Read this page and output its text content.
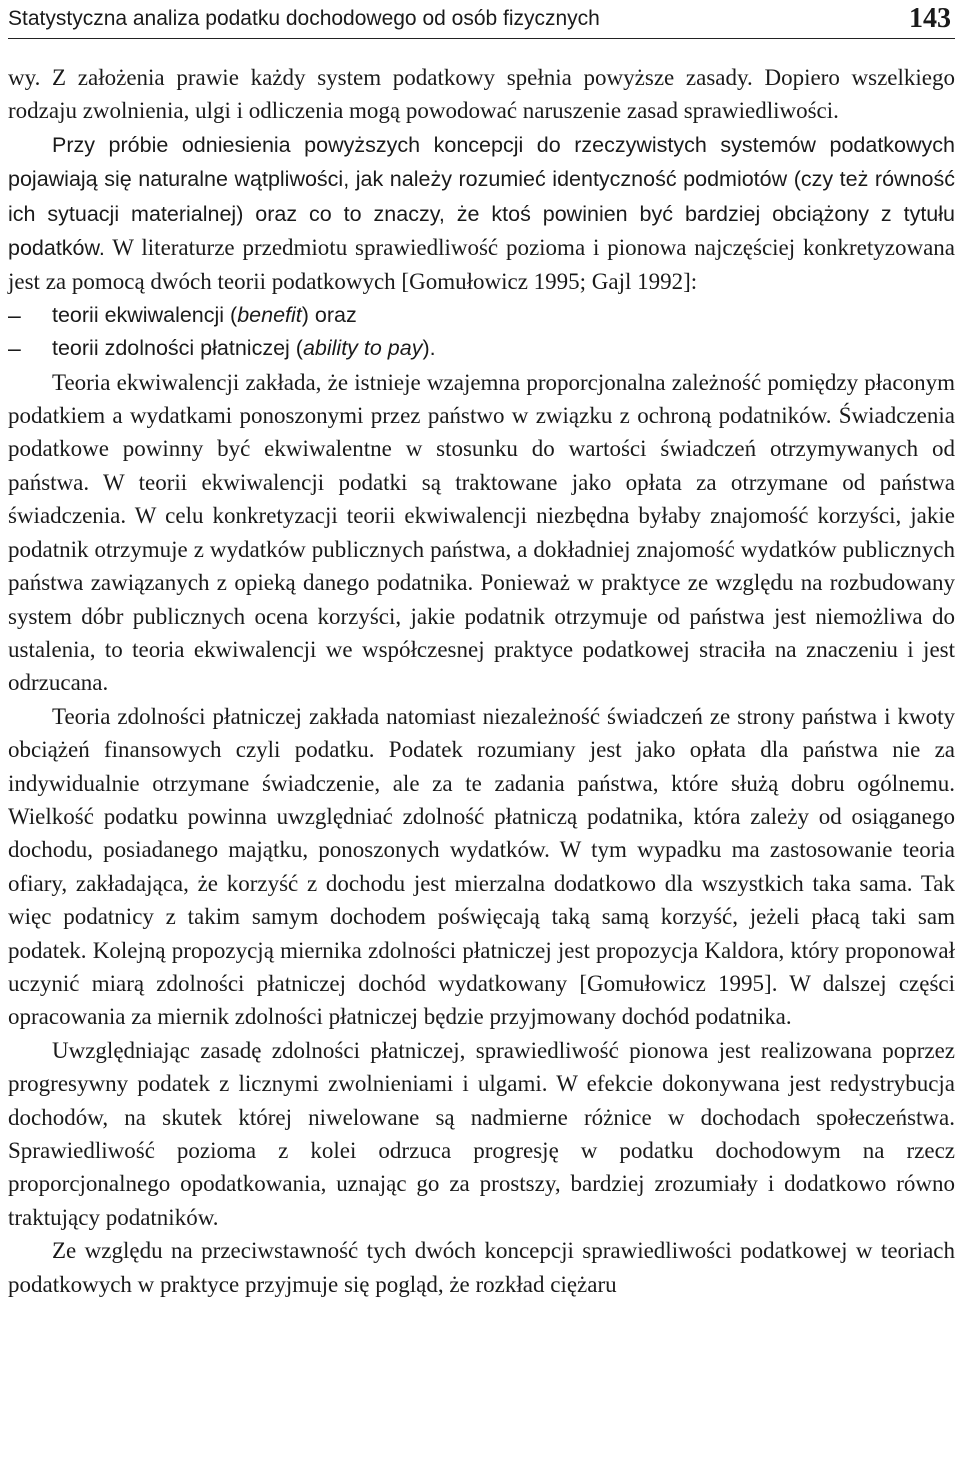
Statystyczna analiza podatku dochodowego od osób fizycznych	143

wy. Z założenia prawie każdy system podatkowy spełnia powyższe zasady. Dopiero wszelkiego rodzaju zwolnienia, ulgi i odliczenia mogą powodować naruszenie zasad sprawiedliwości.

Przy próbie odniesienia powyższych koncepcji do rzeczywistych systemów podatkowych pojawiają się naturalne wątpliwości, jak należy rozumieć identyczność podmiotów (czy też równość ich sytuacji materialnej) oraz co to znaczy, że ktoś powinien być bardziej obciążony z tytułu podatków. W literaturze przedmiotu sprawiedliwość pozioma i pionowa najczęściej konkretyzowana jest za pomocą dwóch teorii podatkowych [Gomułowicz 1995; Gajl 1992]:

–	teorii ekwiwalencji (benefit) oraz
–	teorii zdolności płatniczej (ability to pay).

Teoria ekwiwalencji zakłada, że istnieje wzajemna proporcjonalna zależność pomiędzy płaconym podatkiem a wydatkami ponoszonymi przez państwo w związku z ochroną podatników. Świadczenia podatkowe powinny być ekwiwalentne w stosunku do wartości świadczeń otrzymywanych od państwa. W teorii ekwiwalencji podatki są traktowane jako opłata za otrzymane od państwa świadczenia. W celu konkretyzacji teorii ekwiwalencji niezbędna byłaby znajomość korzyści, jakie podatnik otrzymuje z wydatków publicznych państwa, a dokładniej znajomość wydatków publicznych państwa zawiązanych z opieką danego podatnika. Ponieważ w praktyce ze względu na rozbudowany system dóbr publicznych ocena korzyści, jakie podatnik otrzymuje od państwa jest niemożliwa do ustalenia, to teoria ekwiwalencji we współczesnej praktyce podatkowej straciła na znaczeniu i jest odrzucana.

Teoria zdolności płatniczej zakłada natomiast niezależność świadczeń ze strony państwa i kwoty obciążeń finansowych czyli podatku. Podatek rozumiany jest jako opłata dla państwa nie za indywidualnie otrzymane świadczenie, ale za te zadania państwa, które służą dobru ogólnemu. Wielkość podatku powinna uwzględniać zdolność płatniczą podatnika, która zależy od osiąganego dochodu, posiadanego majątku, ponoszonych wydatków. W tym wypadku ma zastosowanie teoria ofiary, zakładająca, że korzyść z dochodu jest mierzalna dodatkowo dla wszystkich taka sama. Tak więc podatnicy z takim samym dochodem poświęcają taką samą korzyść, jeżeli płacą taki sam podatek. Kolejną propozycją miernika zdolności płatniczej jest propozycja Kaldora, który proponował uczynić miarą zdolności płatniczej dochód wydatkowany [Gomułowicz 1995]. W dalszej części opracowania za miernik zdolności płatniczej będzie przyjmowany dochód podatnika.

Uwzględniając zasadę zdolności płatniczej, sprawiedliwość pionowa jest realizowana poprzez progresywny podatek z licznymi zwolnieniami i ulgami. W efekcie dokonywana jest redystrybucja dochodów, na skutek której niwelowane są nadmierne różnice w dochodach społeczeństwa. Sprawiedliwość pozioma z kolei odrzuca progresję w podatku dochodowym na rzecz proporcjonalnego opodatkowania, uznając go za prostszy, bardziej zrozumiały i dodatkowo równo traktujący podatników.

Ze względu na przeciwstawność tych dwóch koncepcji sprawiedliwości podatkowej w teoriach podatkowych w praktyce przyjmuje się pogląd, że rozkład ciężaru
